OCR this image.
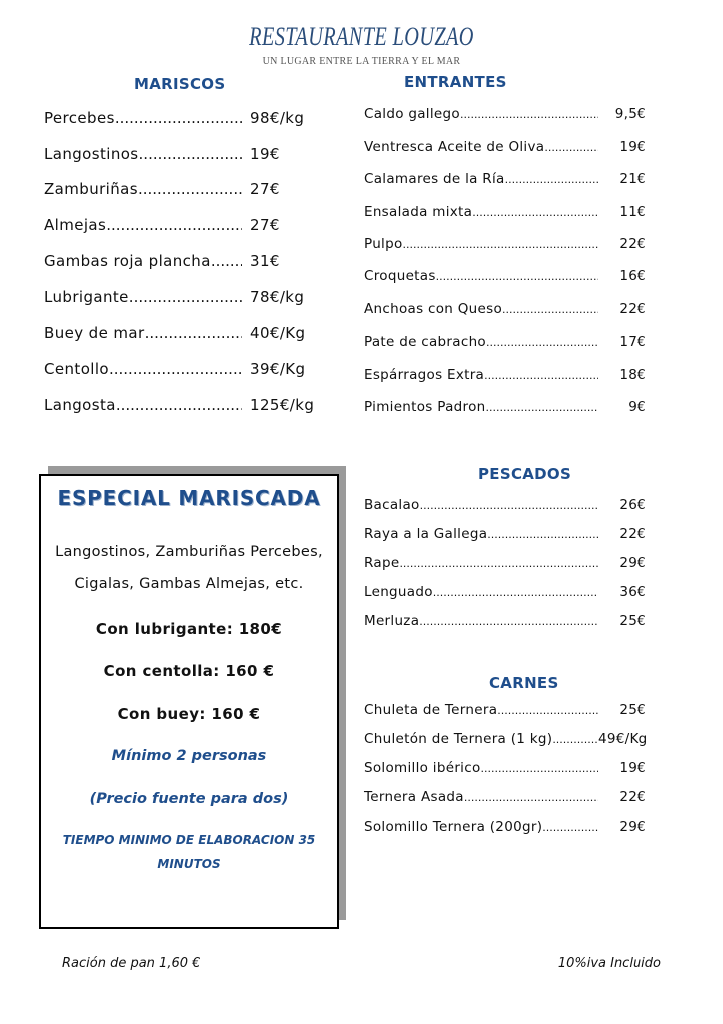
RESTAURANTE LOUZAO
UN LUGAR ENTRE LA TIERRA Y EL MAR
MARISCOS	ENTRANTES
PESCADOS
CARNES
Percebes .....	98€/kg
Langostinos .....	19€
Zamburiñas .....	27€
Almejas .....	27€
Gambas roja plancha .....	31€
Lubrigante .....	78€/kg
Buey de mar .....	40€/Kg
Centollo .....	39€/Kg
Langosta .....	125€/kg
Caldo gallego .....	9,5€
Ventresca Aceite de Oliva .....	19€
Calamares de la Ría .....	21€
Ensalada mixta .....	11€
Pulpo .....	22€
Croquetas .....	16€
Anchoas con Queso .....	22€
Pate de cabracho .....	17€
Espárragos Extra .....	18€
Pimientos Padron .....	9€
Bacalao .....	26€
Raya a la Gallega .....	22€
Rape .....	29€
Lenguado .....	36€
Merluza .....	25€
Chuleta de Ternera .....	25€
Chuletón de Ternera (1 kg) .....	49€/Kg
Solomillo ibérico .....	19€
Ternera Asada .....	22€
Solomillo Ternera (200gr) .....	29€
ESPECIAL MARISCADA
Langostinos, Zamburiñas Percebes,
Cigalas, Gambas Almejas, etc.
Con lubrigante: 180€
Con centolla: 160 €
Con buey: 160 €
Mínimo 2 personas
(Precio fuente para dos)
TIEMPO MINIMO DE ELABORACION 35 MINUTOS
Ración de pan 1,60 €	10%iva Incluido
